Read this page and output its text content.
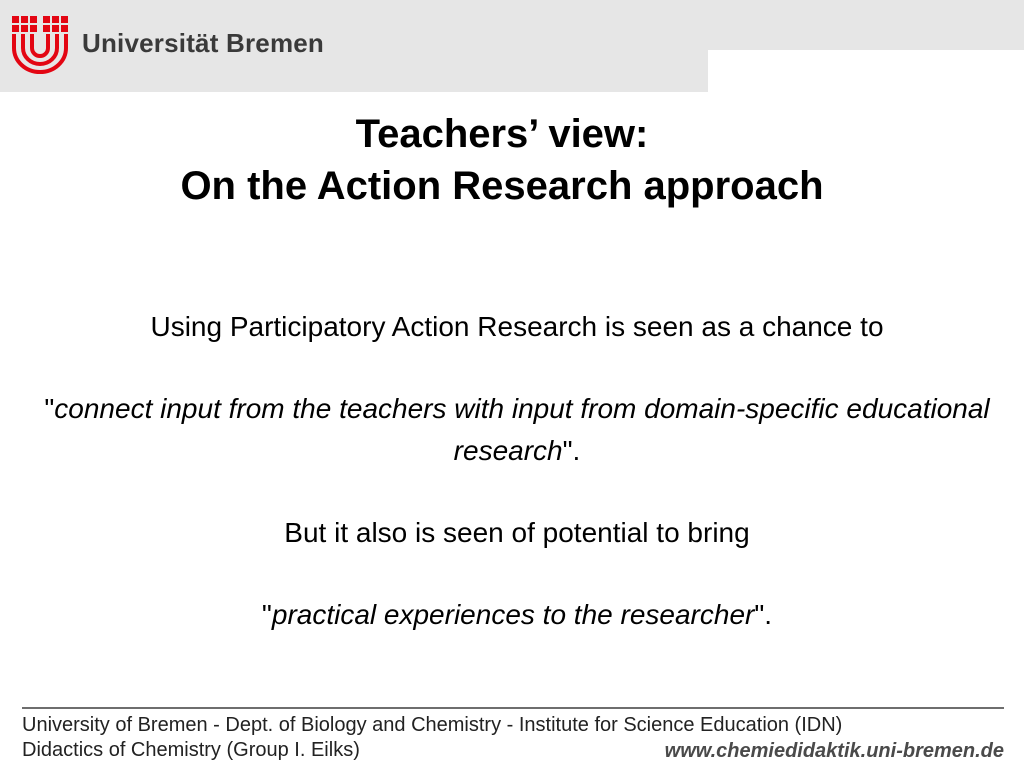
Universität Bremen
Teachers’ view:
On the Action Research approach

Using Participatory Action Research is seen as a chance to

"connect input from the teachers with input from domain-specific educational research".

But it also is seen of potential to bring

"practical experiences to the researcher".

University of Bremen - Dept. of Biology and Chemistry - Institute for Science Education (IDN)
Didactics of Chemistry (Group I. Eilks)	www.chemiedidaktik.uni-bremen.de
